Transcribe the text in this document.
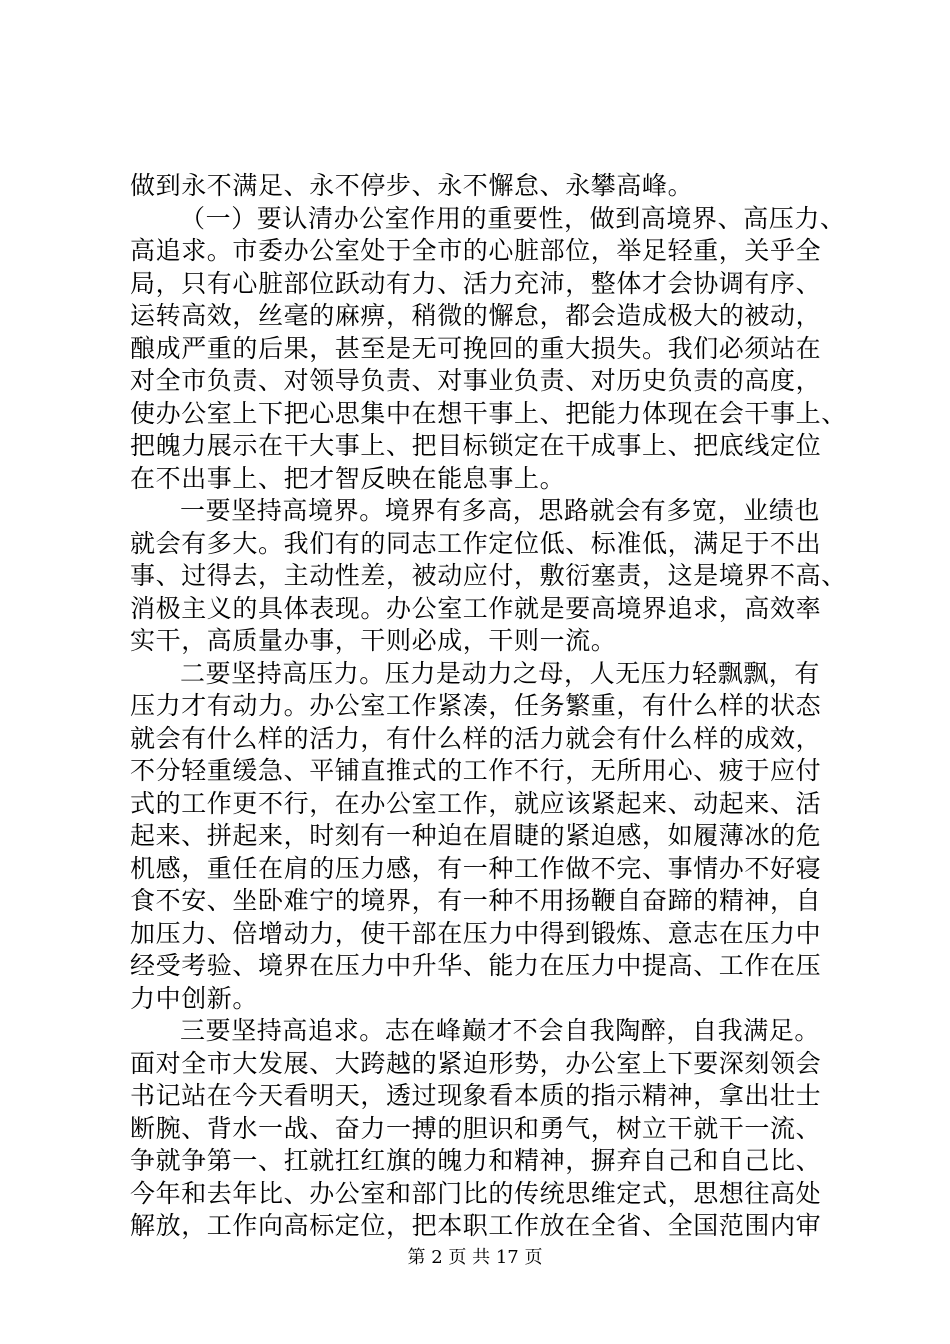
做到永不满足、永不停步、永不懈怠、永攀高峰。
（一）要认清办公室作用的重要性，做到高境界、高压力、
高追求。市委办公室处于全市的心脏部位，举足轻重，关乎全
局，只有心脏部位跃动有力、活力充沛，整体才会协调有序、
运转高效，丝毫的麻痹，稍微的懈怠，都会造成极大的被动，
酿成严重的后果，甚至是无可挽回的重大损失。我们必须站在
对全市负责、对领导负责、对事业负责、对历史负责的高度，
使办公室上下把心思集中在想干事上、把能力体现在会干事上、
把魄力展示在干大事上、把目标锁定在干成事上、把底线定位
在不出事上、把才智反映在能息事上。
一要坚持高境界。境界有多高，思路就会有多宽，业绩也
就会有多大。我们有的同志工作定位低、标准低，满足于不出
事、过得去，主动性差，被动应付，敷衍塞责，这是境界不高、
消极主义的具体表现。办公室工作就是要高境界追求，高效率
实干，高质量办事，干则必成，干则一流。
二要坚持高压力。压力是动力之母，人无压力轻飘飘，有
压力才有动力。办公室工作紧凑，任务繁重，有什么样的状态
就会有什么样的活力，有什么样的活力就会有什么样的成效，
不分轻重缓急、平铺直推式的工作不行，无所用心、疲于应付
式的工作更不行，在办公室工作，就应该紧起来、动起来、活
起来、拼起来，时刻有一种迫在眉睫的紧迫感，如履薄冰的危
机感，重任在肩的压力感，有一种工作做不完、事情办不好寝
食不安、坐卧难宁的境界，有一种不用扬鞭自奋蹄的精神，自
加压力、倍增动力，使干部在压力中得到锻炼、意志在压力中
经受考验、境界在压力中升华、能力在压力中提高、工作在压
力中创新。
三要坚持高追求。志在峰巅才不会自我陶醉，自我满足。
面对全市大发展、大跨越的紧迫形势，办公室上下要深刻领会
书记站在今天看明天，透过现象看本质的指示精神，拿出壮士
断腕、背水一战、奋力一搏的胆识和勇气，树立干就干一流、
争就争第一、扛就扛红旗的魄力和精神，摒弃自己和自己比、
今年和去年比、办公室和部门比的传统思维定式，思想往高处
解放，工作向高标定位，把本职工作放在全省、全国范围内审
第 2 页 共 17 页
